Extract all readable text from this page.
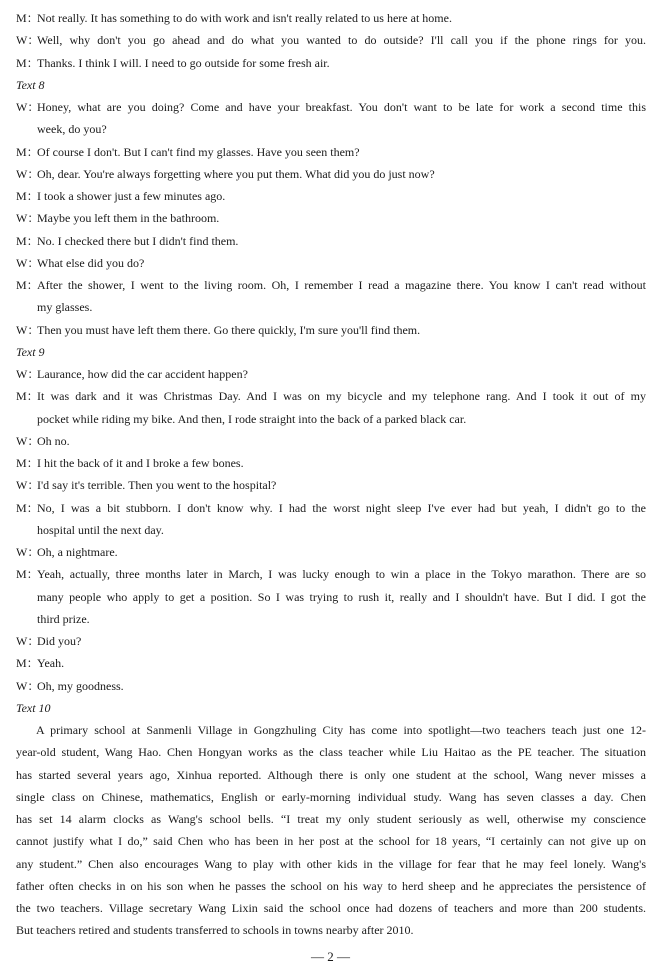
M：Not really. It has something to do with work and isn't really related to us here at home.
W：Well, why don't you go ahead and do what you wanted to do outside? I'll call you if the phone rings for you.
M：Thanks. I think I will. I need to go outside for some fresh air.
Text 8
W：Honey, what are you doing? Come and have your breakfast. You don't want to be late for work a second time this
week, do you?
M：Of course I don't. But I can't find my glasses. Have you seen them?
W：Oh, dear. You're always forgetting where you put them. What did you do just now?
M：I took a shower just a few minutes ago.
W：Maybe you left them in the bathroom.
M：No. I checked there but I didn't find them.
W：What else did you do?
M：After the shower, I went to the living room. Oh, I remember I read a magazine there. You know I can't read without
my glasses.
W：Then you must have left them there. Go there quickly, I'm sure you'll find them.
Text 9
W：Laurance, how did the car accident happen?
M：It was dark and it was Christmas Day. And I was on my bicycle and my telephone rang. And I took it out of my
pocket while riding my bike. And then, I rode straight into the back of a parked black car.
W：Oh no.
M：I hit the back of it and I broke a few bones.
W：I'd say it's terrible. Then you went to the hospital?
M：No, I was a bit stubborn. I don't know why. I had the worst night sleep I've ever had but yeah, I didn't go to the
hospital until the next day.
W：Oh, a nightmare.
M：Yeah, actually, three months later in March, I was lucky enough to win a place in the Tokyo marathon. There are so
many people who apply to get a position. So I was trying to rush it, really and I shouldn't have. But I did. I got the
third prize.
W：Did you?
M：Yeah.
W：Oh, my goodness.
Text 10
A primary school at Sanmenli Village in Gongzhuling City has come into spotlight—two teachers teach just one 12-
year-old student, Wang Hao. Chen Hongyan works as the class teacher while Liu Haitao as the PE teacher. The situation
has started several years ago, Xinhua reported. Although there is only one student at the school, Wang never misses a
single class on Chinese, mathematics, English or early-morning individual study. Wang has seven classes a day. Chen
has set 14 alarm clocks as Wang's school bells. “I treat my only student seriously as well, otherwise my conscience
cannot justify what I do,” said Chen who has been in her post at the school for 18 years, “I certainly can not give up on
any student.” Chen also encourages Wang to play with other kids in the village for fear that he may feel lonely. Wang's
father often checks in on his son when he passes the school on his way to herd sheep and he appreciates the persistence of
the two teachers. Village secretary Wang Lixin said the school once had dozens of teachers and more than 200 students.
But teachers retired and students transferred to schools in towns nearby after 2010.
— 2 —
